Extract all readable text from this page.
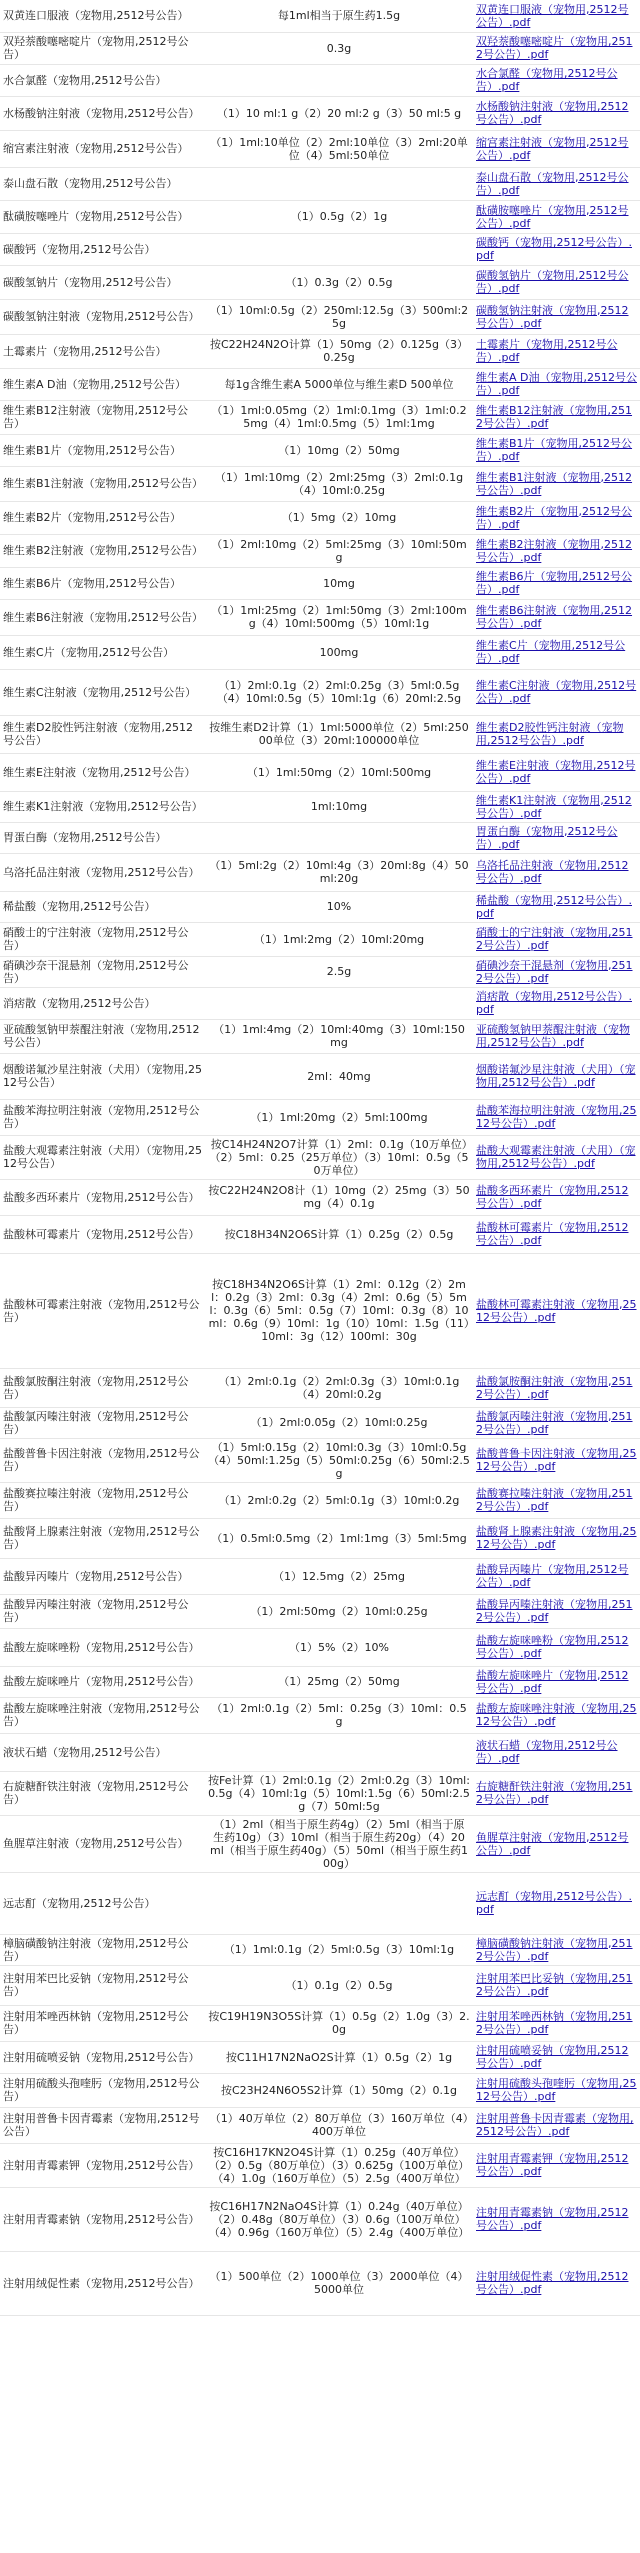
双黄连口服液（宠物用,2512号公告）	每1ml相当于原生药1.5g	双黄连口服液（宠物用,2512号公告）.pdf
双羟萘酸噻嘧啶片（宠物用,2512号公告）	0.3g	双羟萘酸噻嘧啶片（宠物用,2512号公告）.pdf
水合氯醛（宠物用,2512号公告）		水合氯醛（宠物用,2512号公告）.pdf
水杨酸钠注射液（宠物用,2512号公告）	（1）10 ml:1 g（2）20 ml:2 g（3）50 ml:5 g	水杨酸钠注射液（宠物用,2512号公告）.pdf
缩宫素注射液（宠物用,2512号公告）	（1）1ml:10单位（2）2ml:10单位（3）2ml:20单位（4）5ml:50单位	缩宫素注射液（宠物用,2512号公告）.pdf
泰山盘石散（宠物用,2512号公告）		泰山盘石散（宠物用,2512号公告）.pdf
酞磺胺噻唑片（宠物用,2512号公告）	（1）0.5g（2）1g	酞磺胺噻唑片（宠物用,2512号公告）.pdf
碳酸钙（宠物用,2512号公告）		碳酸钙（宠物用,2512号公告）.pdf
碳酸氢钠片（宠物用,2512号公告）	（1）0.3g（2）0.5g	碳酸氢钠片（宠物用,2512号公告）.pdf
碳酸氢钠注射液（宠物用,2512号公告）	（1）10ml:0.5g（2）250ml:12.5g（3）500ml:25g	碳酸氢钠注射液（宠物用,2512号公告）.pdf
土霉素片（宠物用,2512号公告）	按C22H24N2O计算（1）50mg（2）0.125g（3）0.25g	土霉素片（宠物用,2512号公告）.pdf
维生素A D油（宠物用,2512号公告）	每1g含维生素A 5000单位与维生素D 500单位	维生素A D油（宠物用,2512号公告）.pdf
维生素B12注射液（宠物用,2512号公告）	（1）1ml:0.05mg（2）1ml:0.1mg（3）1ml:0.25mg（4）1ml:0.5mg（5）1ml:1mg	维生素B12注射液（宠物用,2512号公告）.pdf
维生素B1片（宠物用,2512号公告）	（1）10mg（2）50mg	维生素B1片（宠物用,2512号公告）.pdf
维生素B1注射液（宠物用,2512号公告）	（1）1ml:10mg（2）2ml:25mg（3）2ml:0.1g（4）10ml:0.25g	维生素B1注射液（宠物用,2512号公告）.pdf
维生素B2片（宠物用,2512号公告）	（1）5mg（2）10mg	维生素B2片（宠物用,2512号公告）.pdf
维生素B2注射液（宠物用,2512号公告）	（1）2ml:10mg（2）5ml:25mg（3）10ml:50mg	维生素B2注射液（宠物用,2512号公告）.pdf
维生素B6片（宠物用,2512号公告）	10mg	维生素B6片（宠物用,2512号公告）.pdf
维生素B6注射液（宠物用,2512号公告）	（1）1ml:25mg（2）1ml:50mg（3）2ml:100mg（4）10ml:500mg（5）10ml:1g	维生素B6注射液（宠物用,2512号公告）.pdf
维生素C片（宠物用,2512号公告）	100mg	维生素C片（宠物用,2512号公告）.pdf
维生素C注射液（宠物用,2512号公告）	（1）2ml:0.1g（2）2ml:0.25g（3）5ml:0.5g（4）10ml:0.5g（5）10ml:1g（6）20ml:2.5g	维生素C注射液（宠物用,2512号公告）.pdf
维生素D2胶性钙注射液（宠物用,2512号公告）	按维生素D2计算（1）1ml:5000单位（2）5ml:25000单位（3）20ml:100000单位	维生素D2胶性钙注射液（宠物用,2512号公告）.pdf
维生素E注射液（宠物用,2512号公告）	（1）1ml:50mg（2）10ml:500mg	维生素E注射液（宠物用,2512号公告）.pdf
维生素K1注射液（宠物用,2512号公告）	1ml:10mg	维生素K1注射液（宠物用,2512号公告）.pdf
胃蛋白酶（宠物用,2512号公告）		胃蛋白酶（宠物用,2512号公告）.pdf
乌洛托品注射液（宠物用,2512号公告）	（1）5ml:2g（2）10ml:4g（3）20ml:8g（4）50ml:20g	乌洛托品注射液（宠物用,2512号公告）.pdf
稀盐酸（宠物用,2512号公告）	10%	稀盐酸（宠物用,2512号公告）.pdf
硝酸士的宁注射液（宠物用,2512号公告）	（1）1ml:2mg（2）10ml:20mg	硝酸士的宁注射液（宠物用,2512号公告）.pdf
硝碘沙奈干混悬剂（宠物用,2512号公告）	2.5g	硝碘沙奈干混悬剂（宠物用,2512号公告）.pdf
消痞散（宠物用,2512号公告）		消痞散（宠物用,2512号公告）.pdf
亚硫酸氢钠甲萘醌注射液（宠物用,2512号公告）	（1）1ml:4mg（2）10ml:40mg（3）10ml:150mg	亚硫酸氢钠甲萘醌注射液（宠物用,2512号公告）.pdf
烟酸诺氟沙星注射液（犬用）（宠物用,2512号公告）	2ml：40mg	烟酸诺氟沙星注射液（犬用）（宠物用,2512号公告）.pdf
盐酸苯海拉明注射液（宠物用,2512号公告）	（1）1ml:20mg（2）5ml:100mg	盐酸苯海拉明注射液（宠物用,2512号公告）.pdf
盐酸大观霉素注射液（犬用）（宠物用,2512号公告）	按C14H24N2O7计算（1）2ml：0.1g（10万单位）（2）5ml：0.25（25万单位）（3）10ml：0.5g（50万单位）	盐酸大观霉素注射液（犬用）（宠物用,2512号公告）.pdf
盐酸多西环素片（宠物用,2512号公告）	按C22H24N2O8计（1）10mg（2）25mg（3）50mg（4）0.1g	盐酸多西环素片（宠物用,2512号公告）.pdf
盐酸林可霉素片（宠物用,2512号公告）	按C18H34N2O6S计算（1）0.25g（2）0.5g	盐酸林可霉素片（宠物用,2512号公告）.pdf
盐酸林可霉素注射液（宠物用,2512号公告）	按C18H34N2O6S计算（1）2ml：0.12g（2）2ml：0.2g（3）2ml：0.3g（4）2ml：0.6g（5）5ml：0.3g（6）5ml：0.5g（7）10ml：0.3g（8）10ml：0.6g（9）10ml：1g（10）10ml：1.5g（11）10ml：3g（12）100ml：30g	盐酸林可霉素注射液（宠物用,2512号公告）.pdf
盐酸氯胺酮注射液（宠物用,2512号公告）	（1）2ml:0.1g（2）2ml:0.3g（3）10ml:0.1g（4）20ml:0.2g	盐酸氯胺酮注射液（宠物用,2512号公告）.pdf
盐酸氯丙嗪注射液（宠物用,2512号公告）	（1）2ml:0.05g（2）10ml:0.25g	盐酸氯丙嗪注射液（宠物用,2512号公告）.pdf
盐酸普鲁卡因注射液（宠物用,2512号公告）	（1）5ml:0.15g（2）10ml:0.3g（3）10ml:0.5g（4）50ml:1.25g（5）50ml:0.25g（6）50ml:2.5g	盐酸普鲁卡因注射液（宠物用,2512号公告）.pdf
盐酸赛拉嗪注射液（宠物用,2512号公告）	（1）2ml:0.2g（2）5ml:0.1g（3）10ml:0.2g	盐酸赛拉嗪注射液（宠物用,2512号公告）.pdf
盐酸肾上腺素注射液（宠物用,2512号公告）	（1）0.5ml:0.5mg（2）1ml:1mg（3）5ml:5mg	盐酸肾上腺素注射液（宠物用,2512号公告）.pdf
盐酸异丙嗪片（宠物用,2512号公告）	（1）12.5mg（2）25mg	盐酸异丙嗪片（宠物用,2512号公告）.pdf
盐酸异丙嗪注射液（宠物用,2512号公告）	（1）2ml:50mg（2）10ml:0.25g	盐酸异丙嗪注射液（宠物用,2512号公告）.pdf
盐酸左旋咪唑粉（宠物用,2512号公告）	（1）5%（2）10%	盐酸左旋咪唑粉（宠物用,2512号公告）.pdf
盐酸左旋咪唑片（宠物用,2512号公告）	（1）25mg（2）50mg	盐酸左旋咪唑片（宠物用,2512号公告）.pdf
盐酸左旋咪唑注射液（宠物用,2512号公告）	（1）2ml:0.1g（2）5ml：0.25g（3）10ml：0.5g	盐酸左旋咪唑注射液（宠物用,2512号公告）.pdf
液状石蜡（宠物用,2512号公告）		液状石蜡（宠物用,2512号公告）.pdf
右旋糖酐铁注射液（宠物用,2512号公告）	按Fe计算（1）2ml:0.1g（2）2ml:0.2g（3）10ml:0.5g（4）10ml:1g（5）10ml:1.5g（6）50ml:2.5g（7）50ml:5g	右旋糖酐铁注射液（宠物用,2512号公告）.pdf
鱼腥草注射液（宠物用,2512号公告）	（1）2ml（相当于原生药4g）（2）5ml（相当于原生药10g）（3）10ml（相当于原生药20g）（4）20ml（相当于原生药40g）（5）50ml（相当于原生药100g）	鱼腥草注射液（宠物用,2512号公告）.pdf
远志酊（宠物用,2512号公告）		远志酊（宠物用,2512号公告）.pdf
樟脑磺酸钠注射液（宠物用,2512号公告）	（1）1ml:0.1g（2）5ml:0.5g（3）10ml:1g	樟脑磺酸钠注射液（宠物用,2512号公告）.pdf
注射用苯巴比妥钠（宠物用,2512号公告）	（1）0.1g（2）0.5g	注射用苯巴比妥钠（宠物用,2512号公告）.pdf
注射用苯唑西林钠（宠物用,2512号公告）	按C19H19N3O5S计算（1）0.5g（2）1.0g（3）2.0g	注射用苯唑西林钠（宠物用,2512号公告）.pdf
注射用硫喷妥钠（宠物用,2512号公告）	按C11H17N2NaO2S计算（1）0.5g（2）1g	注射用硫喷妥钠（宠物用,2512号公告）.pdf
注射用硫酸头孢喹肟（宠物用,2512号公告）	按C23H24N6O5S2计算（1）50mg（2）0.1g	注射用硫酸头孢喹肟（宠物用,2512号公告）.pdf
注射用普鲁卡因青霉素（宠物用,2512号公告）	（1）40万单位（2）80万单位（3）160万单位（4）400万单位	注射用普鲁卡因青霉素（宠物用,2512号公告）.pdf
注射用青霉素钾（宠物用,2512号公告）	按C16H17KN2O4S计算（1）0.25g（40万单位）（2）0.5g（80万单位）（3）0.625g（100万单位）（4）1.0g（160万单位）（5）2.5g（400万单位）	注射用青霉素钾（宠物用,2512号公告）.pdf
注射用青霉素钠（宠物用,2512号公告）	按C16H17N2NaO4S计算（1）0.24g（40万单位）（2）0.48g（80万单位）（3）0.6g（100万单位）（4）0.96g（160万单位）（5）2.4g（400万单位）	注射用青霉素钠（宠物用,2512号公告）.pdf
注射用绒促性素（宠物用,2512号公告）	（1）500单位（2）1000单位（3）2000单位（4）5000单位	注射用绒促性素（宠物用,2512号公告）.pdf
